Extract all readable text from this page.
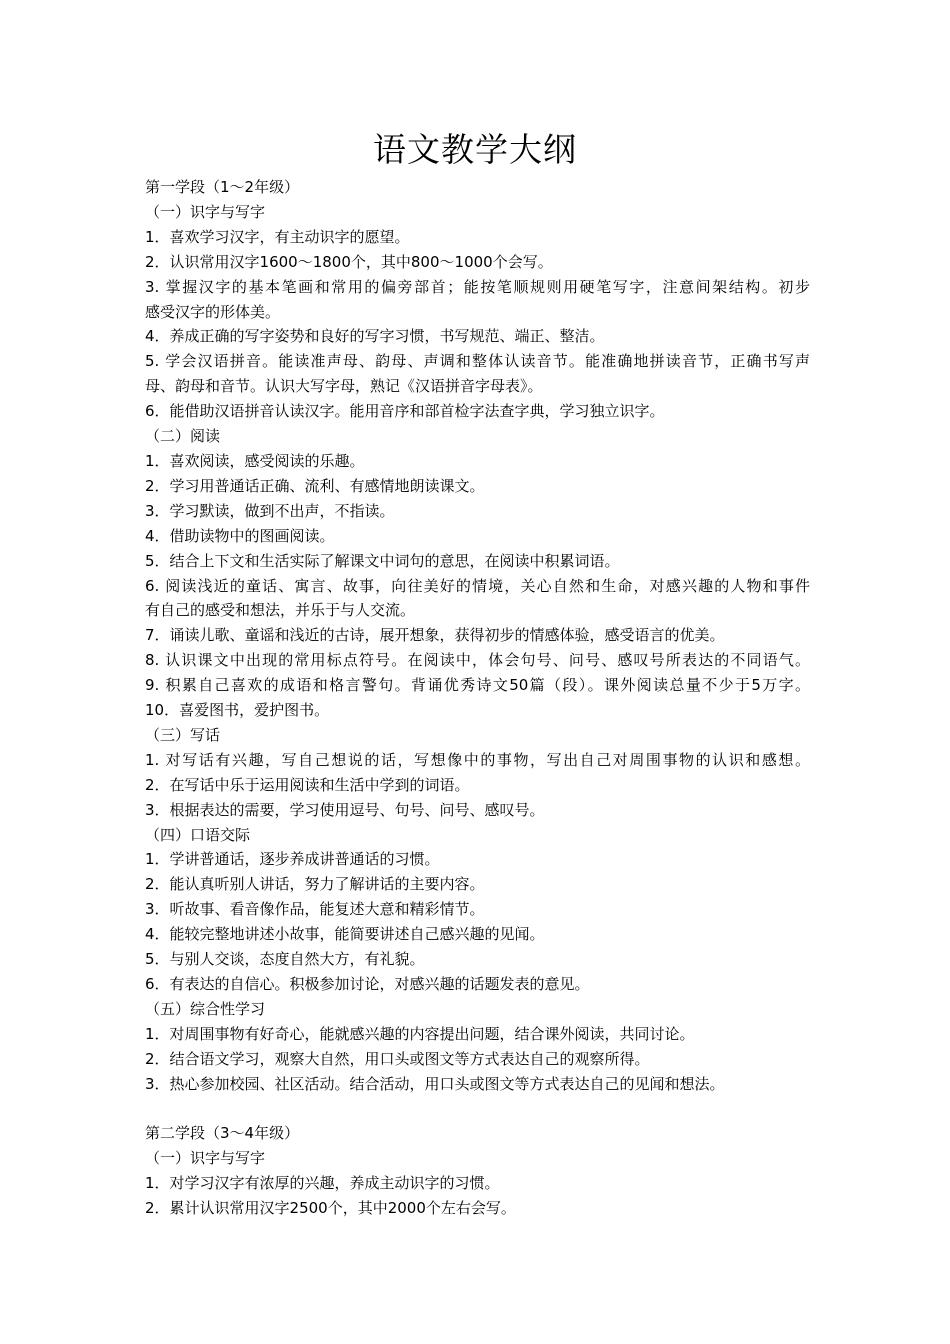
语文教学大纲
第一学段（1～2年级）
（一）识字与写字
1．喜欢学习汉字，有主动识字的愿望。
2．认识常用汉字1600～1800个，其中800～1000个会写。
3. 掌握汉字的基本笔画和常用的偏旁部首；能按笔顺规则用硬笔写字，注意间架结构。初步
感受汉字的形体美。
4．养成正确的写字姿势和良好的写字习惯，书写规范、端正、整洁。
5. 学会汉语拼音。能读准声母、韵母、声调和整体认读音节。能准确地拼读音节，正确书写声
母、韵母和音节。认识大写字母，熟记《汉语拼音字母表》。
6．能借助汉语拼音认读汉字。能用音序和部首检字法查字典，学习独立识字。
（二）阅读
1．喜欢阅读，感受阅读的乐趣。
2．学习用普通话正确、流利、有感情地朗读课文。
3．学习默读，做到不出声，不指读。
4．借助读物中的图画阅读。
5．结合上下文和生活实际了解课文中词句的意思，在阅读中积累词语。
6. 阅读浅近的童话、寓言、故事，向往美好的情境，关心自然和生命，对感兴趣的人物和事件
有自己的感受和想法，并乐于与人交流。
7．诵读儿歌、童谣和浅近的古诗，展开想象，获得初步的情感体验，感受语言的优美。
8. 认识课文中出现的常用标点符号。在阅读中，体会句号、问号、感叹号所表达的不同语气。
9. 积累自己喜欢的成语和格言警句。背诵优秀诗文50篇（段）。课外阅读总量不少于5万字。
10．喜爱图书，爱护图书。
（三）写话
1. 对写话有兴趣，写自己想说的话，写想像中的事物，写出自己对周围事物的认识和感想。
2．在写话中乐于运用阅读和生活中学到的词语。
3．根据表达的需要，学习使用逗号、句号、问号、感叹号。
（四）口语交际
1．学讲普通话，逐步养成讲普通话的习惯。
2．能认真听别人讲话，努力了解讲话的主要内容。
3．听故事、看音像作品，能复述大意和精彩情节。
4．能较完整地讲述小故事，能简要讲述自己感兴趣的见闻。
5．与别人交谈，态度自然大方，有礼貌。
6．有表达的自信心。积极参加讨论，对感兴趣的话题发表的意见。
（五）综合性学习
1．对周围事物有好奇心，能就感兴趣的内容提出问题，结合课外阅读，共同讨论。
2．结合语文学习，观察大自然，用口头或图文等方式表达自己的观察所得。
3．热心参加校园、社区活动。结合活动，用口头或图文等方式表达自己的见闻和想法。
第二学段（3～4年级）
（一）识字与写字
1．对学习汉字有浓厚的兴趣，养成主动识字的习惯。
2．累计认识常用汉字2500个，其中2000个左右会写。
